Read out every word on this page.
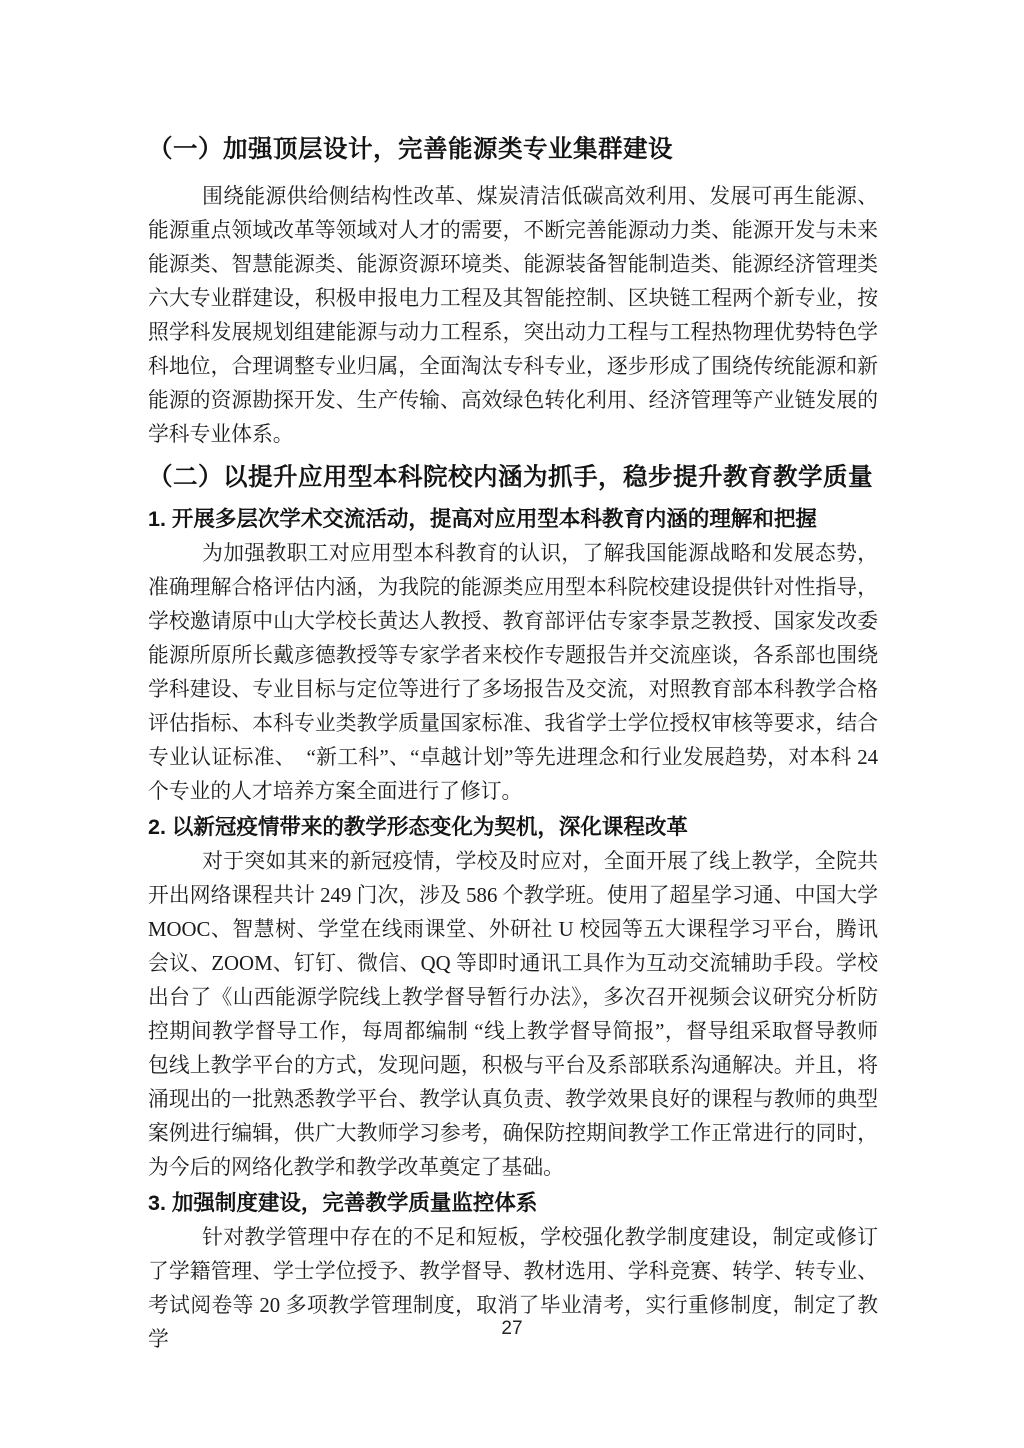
（一）加强顶层设计，完善能源类专业集群建设

围绕能源供给侧结构性改革、煤炭清洁低碳高效利用、发展可再生能源、能源重点领域改革等领域对人才的需要，不断完善能源动力类、能源开发与未来能源类、智慧能源类、能源资源环境类、能源装备智能制造类、能源经济管理类六大专业群建设，积极申报电力工程及其智能控制、区块链工程两个新专业，按照学科发展规划组建能源与动力工程系，突出动力工程与工程热物理优势特色学科地位，合理调整专业归属，全面淘汰专科专业，逐步形成了围绕传统能源和新能源的资源勘探开发、生产传输、高效绿色转化利用、经济管理等产业链发展的学科专业体系。

（二）以提升应用型本科院校内涵为抓手，稳步提升教育教学质量
1. 开展多层次学术交流活动，提高对应用型本科教育内涵的理解和把握

为加强教职工对应用型本科教育的认识，了解我国能源战略和发展态势，准确理解合格评估内涵，为我院的能源类应用型本科院校建设提供针对性指导，学校邀请原中山大学校长黄达人教授、教育部评估专家李景芝教授、国家发改委能源所原所长戴彦德教授等专家学者来校作专题报告并交流座谈，各系部也围绕学科建设、专业目标与定位等进行了多场报告及交流，对照教育部本科教学合格评估指标、本科专业类教学质量国家标准、我省学士学位授权审核等要求，结合专业认证标准、　“新工科”、“卓越计划”等先进理念和行业发展趋势，对本科 24 个专业的人才培养方案全面进行了修订。

2. 以新冠疫情带来的教学形态变化为契机，深化课程改革

对于突如其来的新冠疫情，学校及时应对，全面开展了线上教学，全院共开出网络课程共计 249 门次，涉及 586 个教学班。使用了超星学习通、中国大学 MOOC、智慧树、学堂在线雨课堂、外研社 U 校园等五大课程学习平台，腾讯会议、ZOOM、钉钉、微信、QQ 等即时通讯工具作为互动交流辅助手段。学校出台了《山西能源学院线上教学督导暂行办法》，多次召开视频会议研究分析防控期间教学督导工作，每周都编制 “线上教学督导简报”，督导组采取督导教师包线上教学平台的方式，发现问题，积极与平台及系部联系沟通解决。并且，将涌现出的一批熟悉教学平台、教学认真负责、教学效果良好的课程与教师的典型案例进行编辑，供广大教师学习参考，确保防控期间教学工作正常进行的同时，为今后的网络化教学和教学改革奠定了基础。

3. 加强制度建设，完善教学质量监控体系

针对教学管理中存在的不足和短板，学校强化教学制度建设，制定或修订了学籍管理、学士学位授予、教学督导、教材选用、学科竞赛、转学、转专业、考试阅卷等 20 多项教学管理制度，取消了毕业清考，实行重修制度，制定了教学	27
